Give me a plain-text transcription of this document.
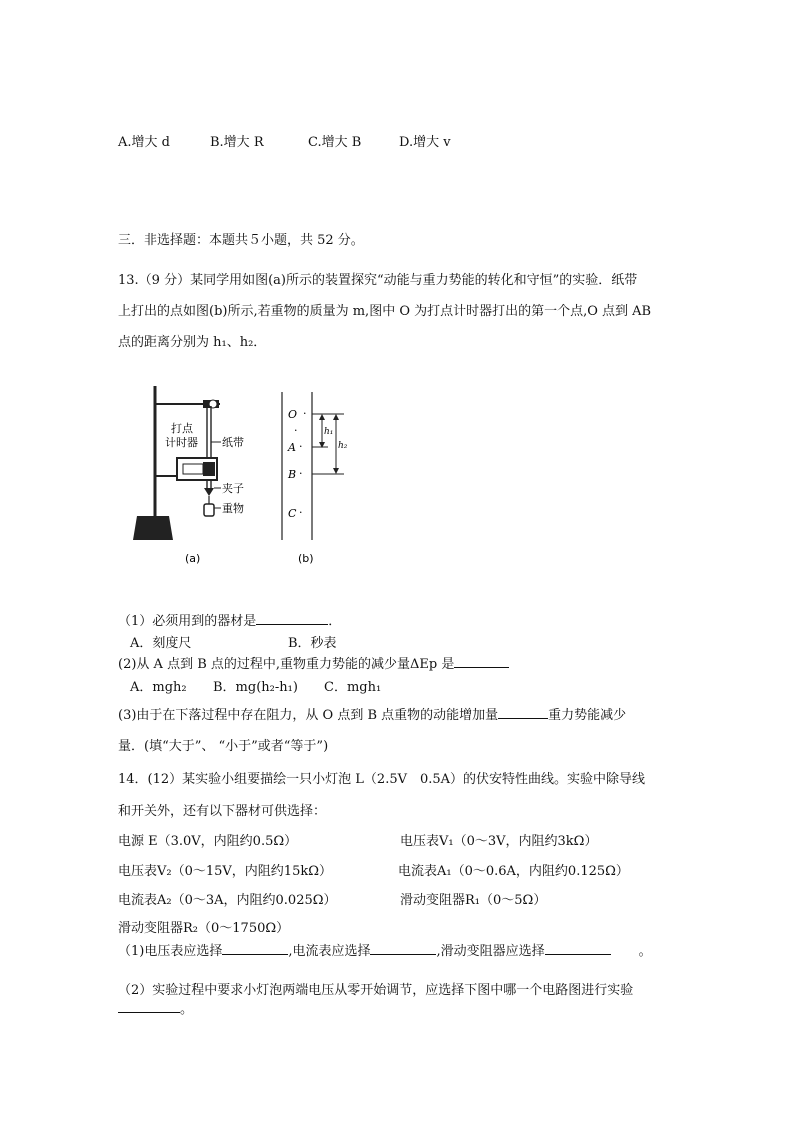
A.增大 d	B.增大 R	C.增大 B	D.增大 v
三．非选择题：本题共５小题，共 52 分。
13.（9 分）某同学用如图(a)所示的装置探究“动能与重力势能的转化和守恒”的实验．纸带
上打出的点如图(b)所示,若重物的质量为 m,图中 O 为打点计时器打出的第一个点,O 点到 AB
点的距离分别为 h₁、h₂．
打点
计时器 纸带
夹子
重物
(a)
O ·
·
A ·
B ·
C ·
h₁
h₂
(b)
（1）必须用到的器材是	．
A．刻度尺	B．秒表
(2)从 A 点到 B 点的过程中,重物重力势能的减少量ΔEp 是
A．mgh₂ B．mg(h₂-h₁) C．mgh₁
(3)由于在下落过程中存在阻力，从 O 点到 B 点重物的动能增加量	重力势能减少
量．(填“大于”、 “小于”或者“等于”)
14．(12）某实验小组要描绘一只小灯泡 L（2.5V　0.5A）的伏安特性曲线。实验中除导线
和开关外，还有以下器材可供选择：
电源 E（3.0V，内阻约0.5Ω）	电压表V₁（0～3V，内阻约3kΩ）
电压表V₂（0～15V，内阻约15kΩ）	电流表A₁（0～0.6A，内阻约0.125Ω）
电流表A₂（0～3A，内阻约0.025Ω）	滑动变阻器R₁（0～5Ω）
滑动变阻器R₂（0～1750Ω）
（1)电压表应选择	,电流表应选择	,滑动变阻器应选择	。
（2）实验过程中要求小灯泡两端电压从零开始调节，应选择下图中哪一个电路图进行实验
。
